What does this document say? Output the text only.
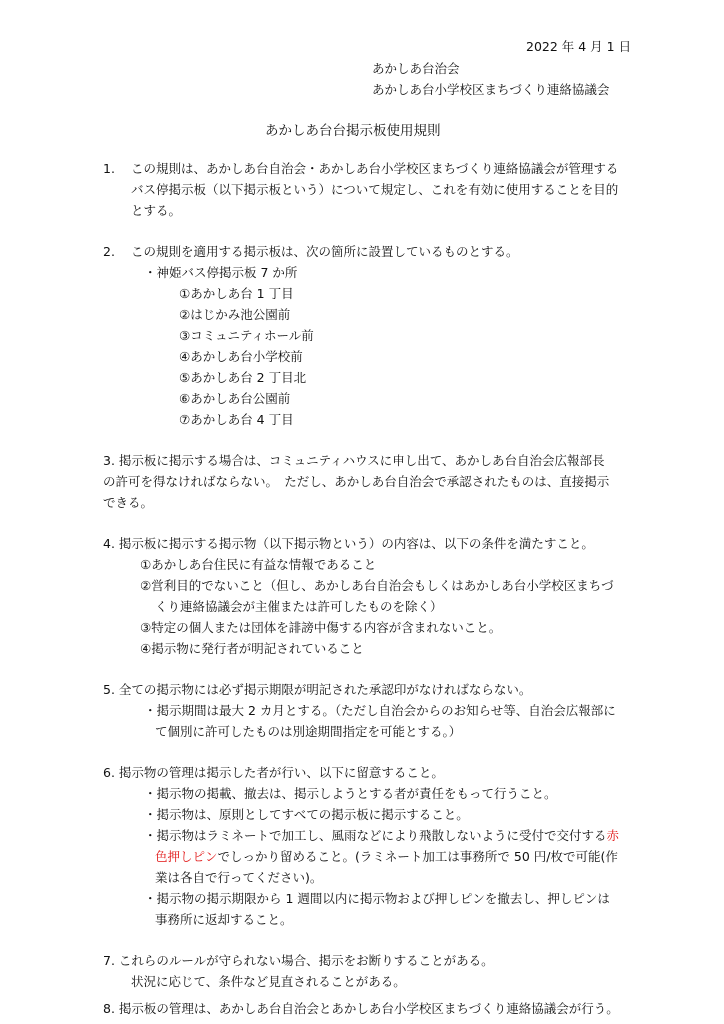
2022 年 4 月 1 日
あかしあ台治会
あかしあ台小学校区まちづくり連絡協議会
あかしあ台台掲示板使用規則
1. この規則は、あかしあ台自治会・あかしあ台小学校区まちづくり連絡協議会が管理する
バス停掲示板（以下掲示板という）について規定し、これを有効に使用することを目的
とする。
2. この規則を適用する掲示板は、次の箇所に設置しているものとする。
・神姫バス停掲示板 7 か所
①あかしあ台 1 丁目
②はじかみ池公園前
③コミュニティホール前
④あかしあ台小学校前
⑤あかしあ台 2 丁目北
⑥あかしあ台公園前
⑦あかしあ台 4 丁目
3. 掲示板に掲示する場合は、コミュニティハウスに申し出て、あかしあ台自治会広報部長
の許可を得なければならない。　ただし、あかしあ台自治会で承認されたものは、直接掲示
できる。
4. 掲示板に掲示する掲示物（以下掲示物という）の内容は、以下の条件を満たすこと。
①あかしあ台住民に有益な情報であること
②営利目的でないこと（但し、あかしあ台自治会もしくはあかしあ台小学校区まちづ
くり連絡協議会が主催または許可したものを除く）
③特定の個人または団体を誹謗中傷する内容が含まれないこと。
④掲示物に発行者が明記されていること
5. 全ての掲示物には必ず掲示期限が明記された承認印がなければならない。
・掲示期間は最大 2 カ月とする。（ただし自治会からのお知らせ等、自治会広報部に
て個別に許可したものは別途期間指定を可能とする。）
6. 掲示物の管理は掲示した者が行い、以下に留意すること。
・掲示物の掲載、撤去は、掲示しようとする者が責任をもって行うこと。
・掲示物は、原則としてすべての掲示板に掲示すること。
・掲示物はラミネートで加工し、風雨などにより飛散しないように受付で交付する赤
色押しピンでしっかり留めること。(ラミネート加工は事務所で 50 円/枚で可能(作
業は各自で行ってください)。
・掲示物の掲示期限から 1 週間以内に掲示物および押しピンを撤去し、押しピンは
事務所に返却すること。
7. これらのルールが守られない場合、掲示をお断りすることがある。
状況に応じて、条件など見直されることがある。
8. 掲示板の管理は、あかしあ台自治会とあかしあ台小学校区まちづくり連絡協議会が行う。
